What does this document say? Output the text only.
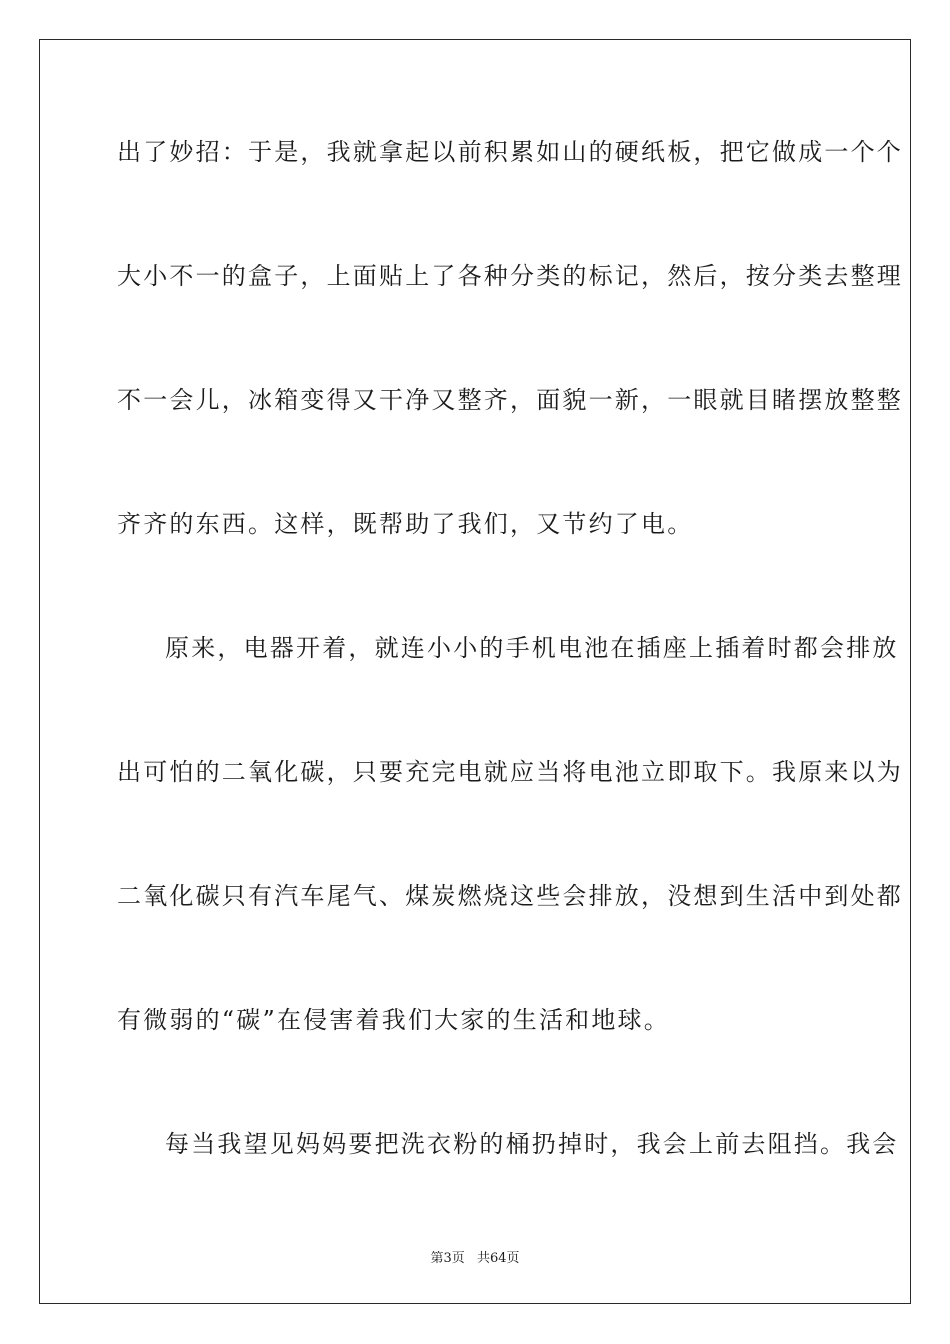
出了妙招：于是，我就拿起以前积累如山的硬纸板，把它做成一个个
大小不一的盒子，上面贴上了各种分类的标记，然后，按分类去整理
不一会儿，冰箱变得又干净又整齐，面貌一新，一眼就目睹摆放整整
齐齐的东西。这样，既帮助了我们，又节约了电。
原来，电器开着，就连小小的手机电池在插座上插着时都会排放
出可怕的二氧化碳，只要充完电就应当将电池立即取下。我原来以为
二氧化碳只有汽车尾气、煤炭燃烧这些会排放，没想到生活中到处都
有微弱的“碳”在侵害着我们大家的生活和地球。
每当我望见妈妈要把洗衣粉的桶扔掉时，我会上前去阻挡。我会
第3页 共64页
